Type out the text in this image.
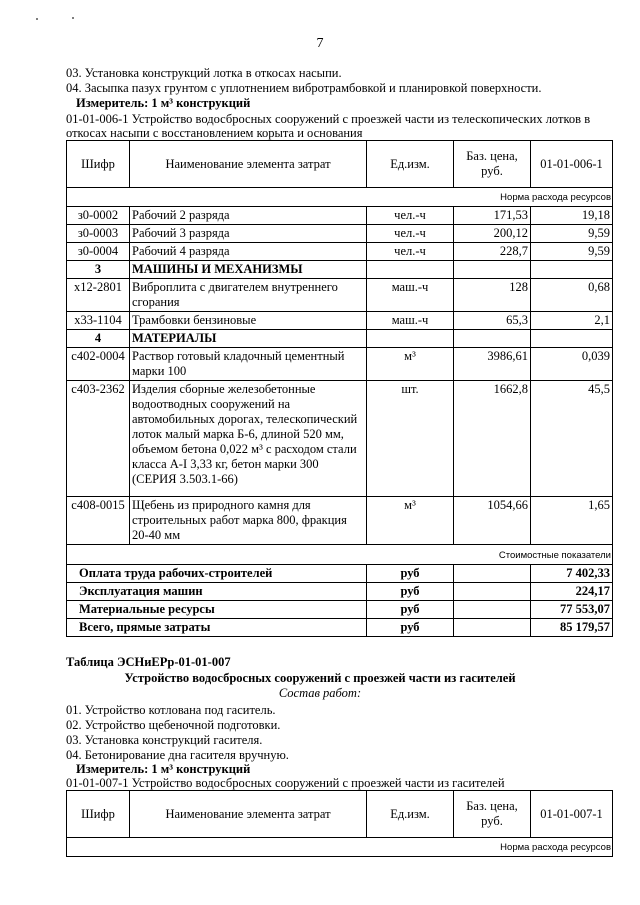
7
03. Установка конструкций лотка в откосах насыпи.
04. Засыпка пазух грунтом с уплотнением вибротрамбовкой и планировкой поверхности.
Измеритель: 1 м³ конструкций
01-01-006-1 Устройство водосбросных сооружений с проезжей части из телескопических лотков в
откосах насыпи с восстановлением корыта и основания
Шифр	Наименование элемента затрат	Ед.изм.	Баз. цена, руб.	01-01-006-1
Норма расхода ресурсов				
з0-0002	Рабочий 2 разряда	чел.-ч	171,53	19,18
з0-0003	Рабочий 3 разряда	чел.-ч	200,12	9,59
з0-0004	Рабочий 4 разряда	чел.-ч	228,7	9,59
3	МАШИНЫ И МЕХАНИЗМЫ			
х12-2801	Виброплита с двигателем внутреннего сгорания	маш.-ч	128	0,68
х33-1104	Трамбовки бензиновые	маш.-ч	65,3	2,1
4	МАТЕРИАЛЫ			
с402-0004	Раствор готовый кладочный цементный марки 100	м³	3986,61	0,039
с403-2362	Изделия сборные железобетонные водоотводных сооружений на автомобильных дорогах, телескопический лоток малый марка Б-6, длиной 520 мм, объемом бетона 0,022 м³ с расходом стали класса А-I 3,33 кг, бетон марки 300 (СЕРИЯ 3.503.1-66)	шт.	1662,8	45,5
с408-0015	Щебень из природного камня для строительных работ марка 800, фракция 20-40 мм	м³	1054,66	1,65
Стоимостные показатели				
Оплата труда рабочих-строителей		руб		7 402,33
Эксплуатация машин		руб		224,17
Материальные ресурсы		руб		77 553,07
Всего, прямые затраты		руб		85 179,57
Таблица ЭСНиЕРр-01-01-007
Устройство водосбросных сооружений с проезжей части из гасителей
Состав работ:
01. Устройство котлована под гаситель.
02. Устройство щебеночной подготовки.
03. Установка конструкций гасителя.
04. Бетонирование дна гасителя вручную.
Измеритель: 1 м³ конструкций
01-01-007-1 Устройство водосбросных сооружений с проезжей части из гасителей
Шифр	Наименование элемента затрат	Ед.изм.	Баз. цена, руб.	01-01-007-1
Норма расхода ресурсов
